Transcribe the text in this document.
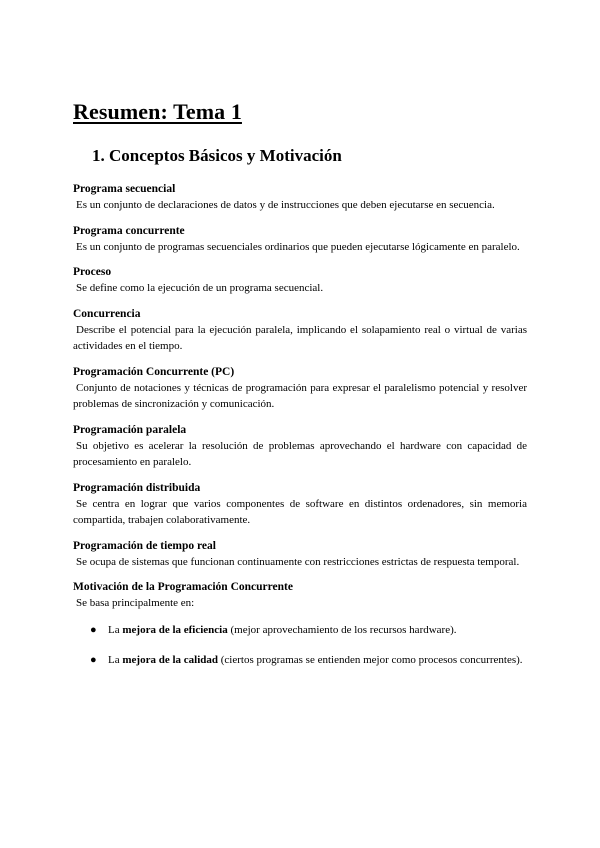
Resumen: Tema 1
1. Conceptos Básicos y Motivación

Programa secuencial

Es un conjunto de declaraciones de datos y de instrucciones que deben ejecutarse en secuencia.

Programa concurrente

Es un conjunto de programas secuenciales ordinarios que pueden ejecutarse lógicamente en paralelo.

Proceso

Se define como la ejecución de un programa secuencial.

Concurrencia

Describe el potencial para la ejecución paralela, implicando el solapamiento real o virtual de varias actividades en el tiempo.

Programación Concurrente (PC)

Conjunto de notaciones y técnicas de programación para expresar el paralelismo potencial y resolver problemas de sincronización y comunicación.

Programación paralela

Su objetivo es acelerar la resolución de problemas aprovechando el hardware con capacidad de procesamiento en paralelo.

Programación distribuida

Se centra en lograr que varios componentes de software en distintos ordenadores, sin memoria compartida, trabajen colaborativamente.

Programación de tiempo real

Se ocupa de sistemas que funcionan continuamente con restricciones estrictas de respuesta temporal.

Motivación de la Programación Concurrente

Se basa principalmente en:

● La mejora de la eficiencia (mejor aprovechamiento de los recursos hardware).
● La mejora de la calidad (ciertos programas se entienden mejor como procesos concurrentes).
